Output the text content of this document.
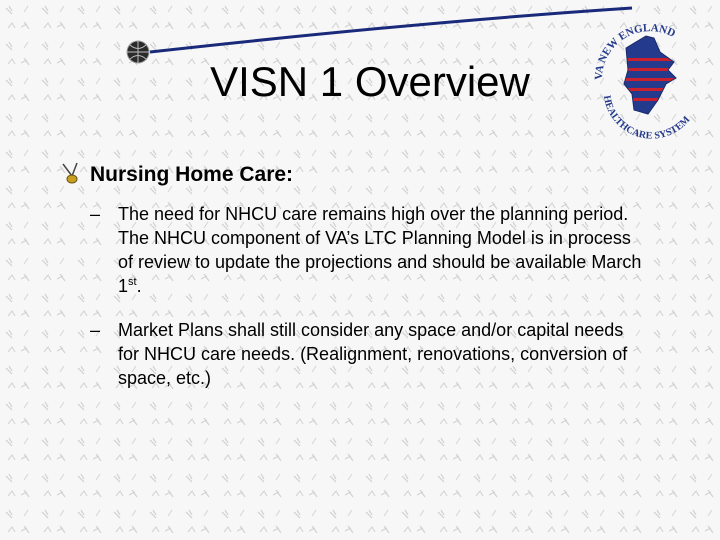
VISN 1 Overview	VA NEW ENGLAND
HEALTHCARE SYSTEM
Nursing Home Care:
– The need for NHCU care remains high over the planning period. The NHCU component of VA’s LTC Planning Model is in process of review to update the projections and should be available March 1st.
– Market Plans shall still consider any space and/or capital needs for NHCU care needs. (Realignment, renovations, conversion of space, etc.)
